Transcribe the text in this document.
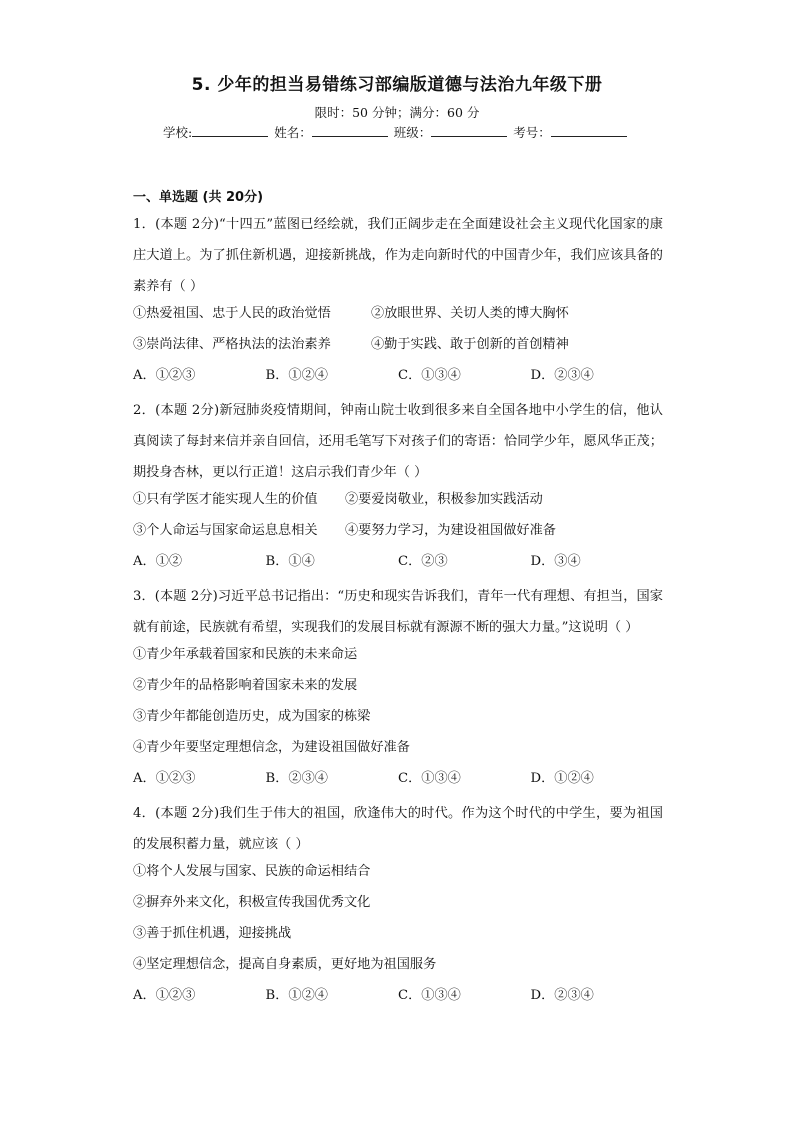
5. 少年的担当易错练习部编版道德与法治九年级下册
限时：50 分钟；满分：60 分
学校:	姓名：	班级：	考号：
一、单选题 (共 20分)
1．(本题 2分)“十四五”蓝图已经绘就，我们正阔步走在全面建设社会主义现代化国家的康庄大道上。为了抓住新机遇，迎接新挑战，作为走向新时代的中国青少年，我们应该具备的素养有（ ）
①热爱祖国、忠于人民的政治觉悟	②放眼世界、关切人类的博大胸怀
③崇尚法律、严格执法的法治素养	④勤于实践、敢于创新的首创精神
A．①②③	B．①②④	C．①③④	D．②③④
2．(本题 2分)新冠肺炎疫情期间，钟南山院士收到很多来自全国各地中小学生的信，他认真阅读了每封来信并亲自回信，还用毛笔写下对孩子们的寄语：恰同学少年，愿风华正茂；期投身杏林，更以行正道！这启示我们青少年（ ）
①只有学医才能实现人生的价值	②要爱岗敬业，积极参加实践活动
③个人命运与国家命运息息相关	④要努力学习，为建设祖国做好准备
A．①②	B．①④	C．②③	D．③④
3．(本题 2分)习近平总书记指出：“历史和现实告诉我们，青年一代有理想、有担当，国家就有前途，民族就有希望，实现我们的发展目标就有源源不断的强大力量。”这说明（ ）
①青少年承载着国家和民族的未来命运
②青少年的品格影响着国家未来的发展
③青少年都能创造历史，成为国家的栋梁
④青少年要坚定理想信念，为建设祖国做好准备
A．①②③	B．②③④	C．①③④	D．①②④
4．(本题 2分)我们生于伟大的祖国，欣逢伟大的时代。作为这个时代的中学生，要为祖国的发展积蓄力量，就应该（ ）
①将个人发展与国家、民族的命运相结合
②摒弃外来文化，积极宣传我国优秀文化
③善于抓住机遇，迎接挑战
④坚定理想信念，提高自身素质，更好地为祖国服务
A．①②③	B．①②④	C．①③④	D．②③④
